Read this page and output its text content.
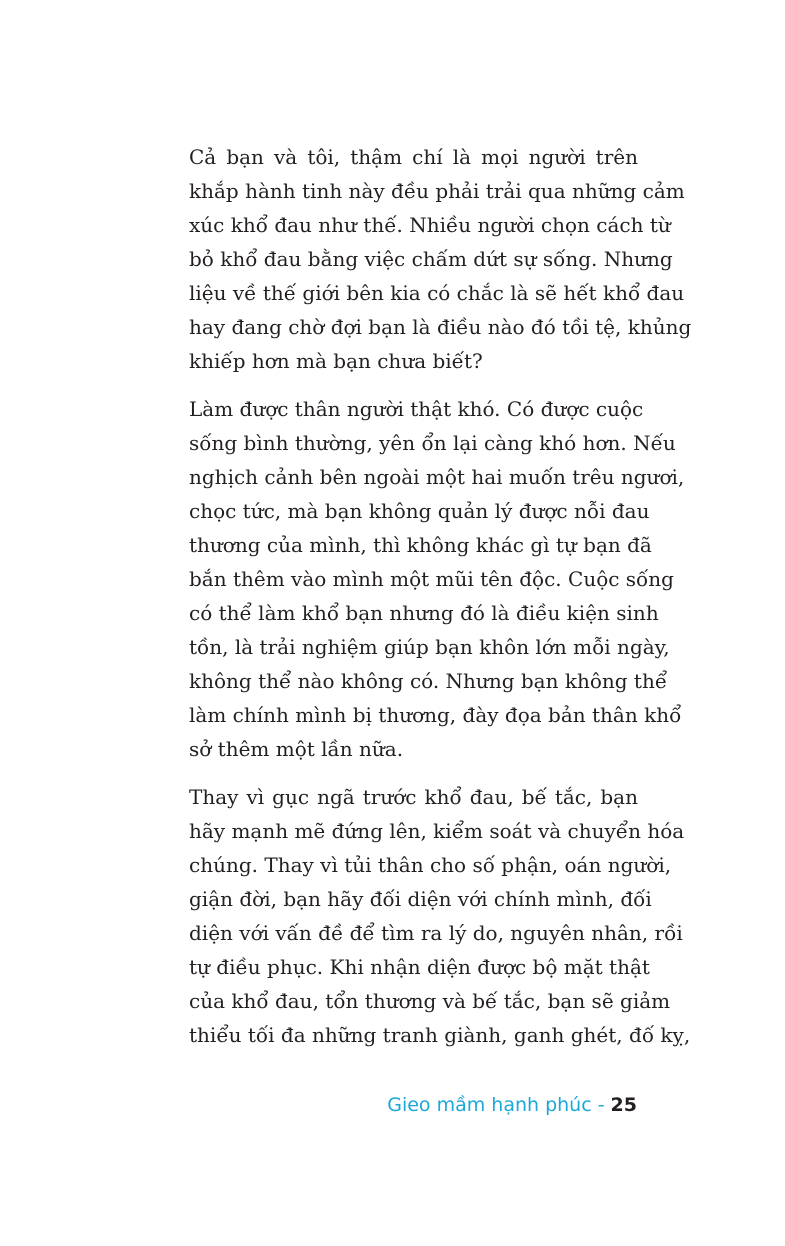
Cả bạn và tôi, thậm chí là mọi người trên
khắp hành tinh này đều phải trải qua những cảm
xúc khổ đau như thế. Nhiều người chọn cách từ
bỏ khổ đau bằng việc chấm dứt sự sống. Nhưng
liệu về thế giới bên kia có chắc là sẽ hết khổ đau
hay đang chờ đợi bạn là điều nào đó tồi tệ, khủng
khiếp hơn mà bạn chưa biết?

Làm được thân người thật khó. Có được cuộc
sống bình thường, yên ổn lại càng khó hơn. Nếu
nghịch cảnh bên ngoài một hai muốn trêu ngươi,
chọc tức, mà bạn không quản lý được nỗi đau
thương của mình, thì không khác gì tự bạn đã
bắn thêm vào mình một mũi tên độc. Cuộc sống
có thể làm khổ bạn nhưng đó là điều kiện sinh
tồn, là trải nghiệm giúp bạn khôn lớn mỗi ngày,
không thể nào không có. Nhưng bạn không thể
làm chính mình bị thương, đày đọa bản thân khổ
sở thêm một lần nữa.

Thay vì gục ngã trước khổ đau, bế tắc, bạn
hãy mạnh mẽ đứng lên, kiểm soát và chuyển hóa
chúng. Thay vì tủi thân cho số phận, oán người,
giận đời, bạn hãy đối diện với chính mình, đối
diện với vấn đề để tìm ra lý do, nguyên nhân, rồi
tự điều phục. Khi nhận diện được bộ mặt thật
của khổ đau, tổn thương và bế tắc, bạn sẽ giảm
thiểu tối đa những tranh giành, ganh ghét, đố kỵ,

Gieo mầm hạnh phúc - 25
